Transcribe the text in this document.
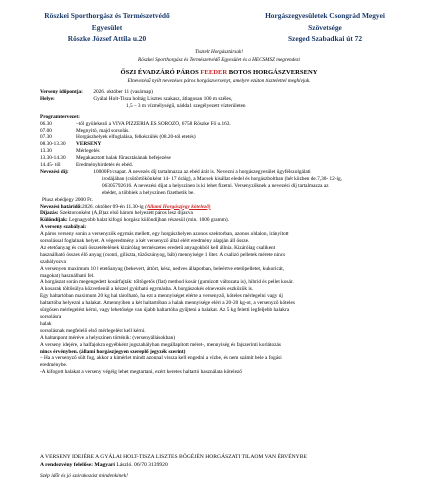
Röszkei Sporthorgász és Természetvédő
Egyesület
Röszke József Attila u.20
Horgászegyesületek Csongrád Megyei
Szövetsége
Szeged Szabadkai út 72
Tisztelt Horgásztársak!
Röszkei Sporthorgász és Természetvédő Egyesület és a HECSMSZ megrendezi
ŐSZI ÉVADZÁRÓ PÁROS FEEDER BOTOS HORGÁSZVERSENY
Elnevezésű nyílt nevezéses páros horgászversenyt, amelyre ezúton tisztelettel meghívjuk.
Verseny időpontja: 2026. október 11 (vasárnap)
Helye:	Gyálai Holt-Tisza holtág Lisztes szakasz, átlagosan 100 m széles,
1,5 – 3 m vízmélységű, nádda1 szegélyezett vízterületen
Programtervezet:
06.30	–től gyülekező a VIVA PIZZÉRIA ÉS SÖRÖZŐ, 6758 Röszke Fő u.163.
07.00	Megnyitó, majd sorsolás.
07.30	Horgászhelyek elfoglalása, felkészülés (08.20-tól etetés)
08.30-13.30 VERSENY
13.30	Mérlegelés
13.30-14.30 Megakasztott halak fűrasztásának befejezése
14.45- től	Eredményhirdetés és ebéd.
Nevezési díj:	10000Ft/csapat. A nevezés díj tartalmazza az ebéd árát is. Nevezni a horgászegyesület ügyfélszolgálati
irodájában (csütörtökönként 14- 17 óráig), a Macsek kisállat eledel és horgászboltban (hét közben de.7,30- 12-ig,
06305792616. A nevezési díjat a helyszínen is ki lehet fizetni. Versenyzőknek a nevezési díj tartalmazza az
ebédet, a többiek a helyszínen fizethetik be.
Plusz ebédjegy 2000 Ft.
Nevezési határidő:2026. október 09-én 11.30-ig (Állami Horgászjegy kötelező)
Díjazás: Szektoronként (A,B)az első három helyezett páros lesz díjazva
Különdíjak: Legnagyobb halat kifogó horgász különdíjban részesül (min. 1000 gramm).
A verseny szabályai:
A páros verseny során a versenyzők egymás mellett, egy horgászhelyen azonos szektorban, azonos oldalon, irányított
sorsolással foglalnak helyet. A végeredmény a két versenyző által elért eredmény alapján áll össze.
Az etetőanyag és csali összetételének kizárólag természetes eredetű anyagokból kell állnia. Kizárólag csalikent
használható összes élő anyag (csonti, giliszta, tüzőszúnyog, báb) mennyisége 1 liter. A csalizó pelletek mérete nincs
szabályozva
A versenyen maximum 10 l etetőanyag (bekevert, áttört, kész, nedves állapotban, beleértve etetőpelletet, kukoricát,
magokat) használható fel.
A horgászat során megengedett kosárfajták: töltögetős (flat) method kosár (gumizott változata is), hibrid és pellet kosár.
A kosarak töltősúlya közvetlenül a kézzel gyúrható egymásba. A horgászokés elnevezés eszközök is.
Egy haltartóban maximum 20 kg hal tárolható, ha ezt a mennyiséget elérte a versenyző, köteles mérlegelni vagy új
haltartóba helyezni a halakat. Amennyiben a két haltartóban a halak mennyisége eléri a 20-20 kg-ot, a versenyző köteles
sürgősen mérlegelést kérni, vagy lehetősége van újabb haltartóba gyűjteni a halakat. Az 5 kg feletti legfeljebb halakra
sorsolásra
halak
sorsolásnak megfelelő első mérlegelést kell kérni.
A haltanpont méréve a helyszínen történik: (versenyállásokban)
A verseny idejére, a halfajokra egyébként jogszabályban megállapított méret-, mennyiség és fajszerinti korlátozás
nincs érvényben. (állami horgászjegyen szereplő jegyzék szerint)
– Ha a versenyző sült fog, akkor a kimérlet mindt azonnal vissza kell engedni a vízbe, és nem számít bele a fogási
eredménybe.
-A kifogott halakat a verseny végéig lehet megtartani, ezért keretes haltartó használata kötelező
A VERSENY IDEJÉRE A GYÁLAI HOLT-TISZA LISZTES BÖGÉJÉN HORGÁSZATI TILAOM VAN ÉRVÉNYBE
A rendezvény felelőse: Magyari László. 06/70 3139920
Szép időt és jó szórakozást mindenkinek!
